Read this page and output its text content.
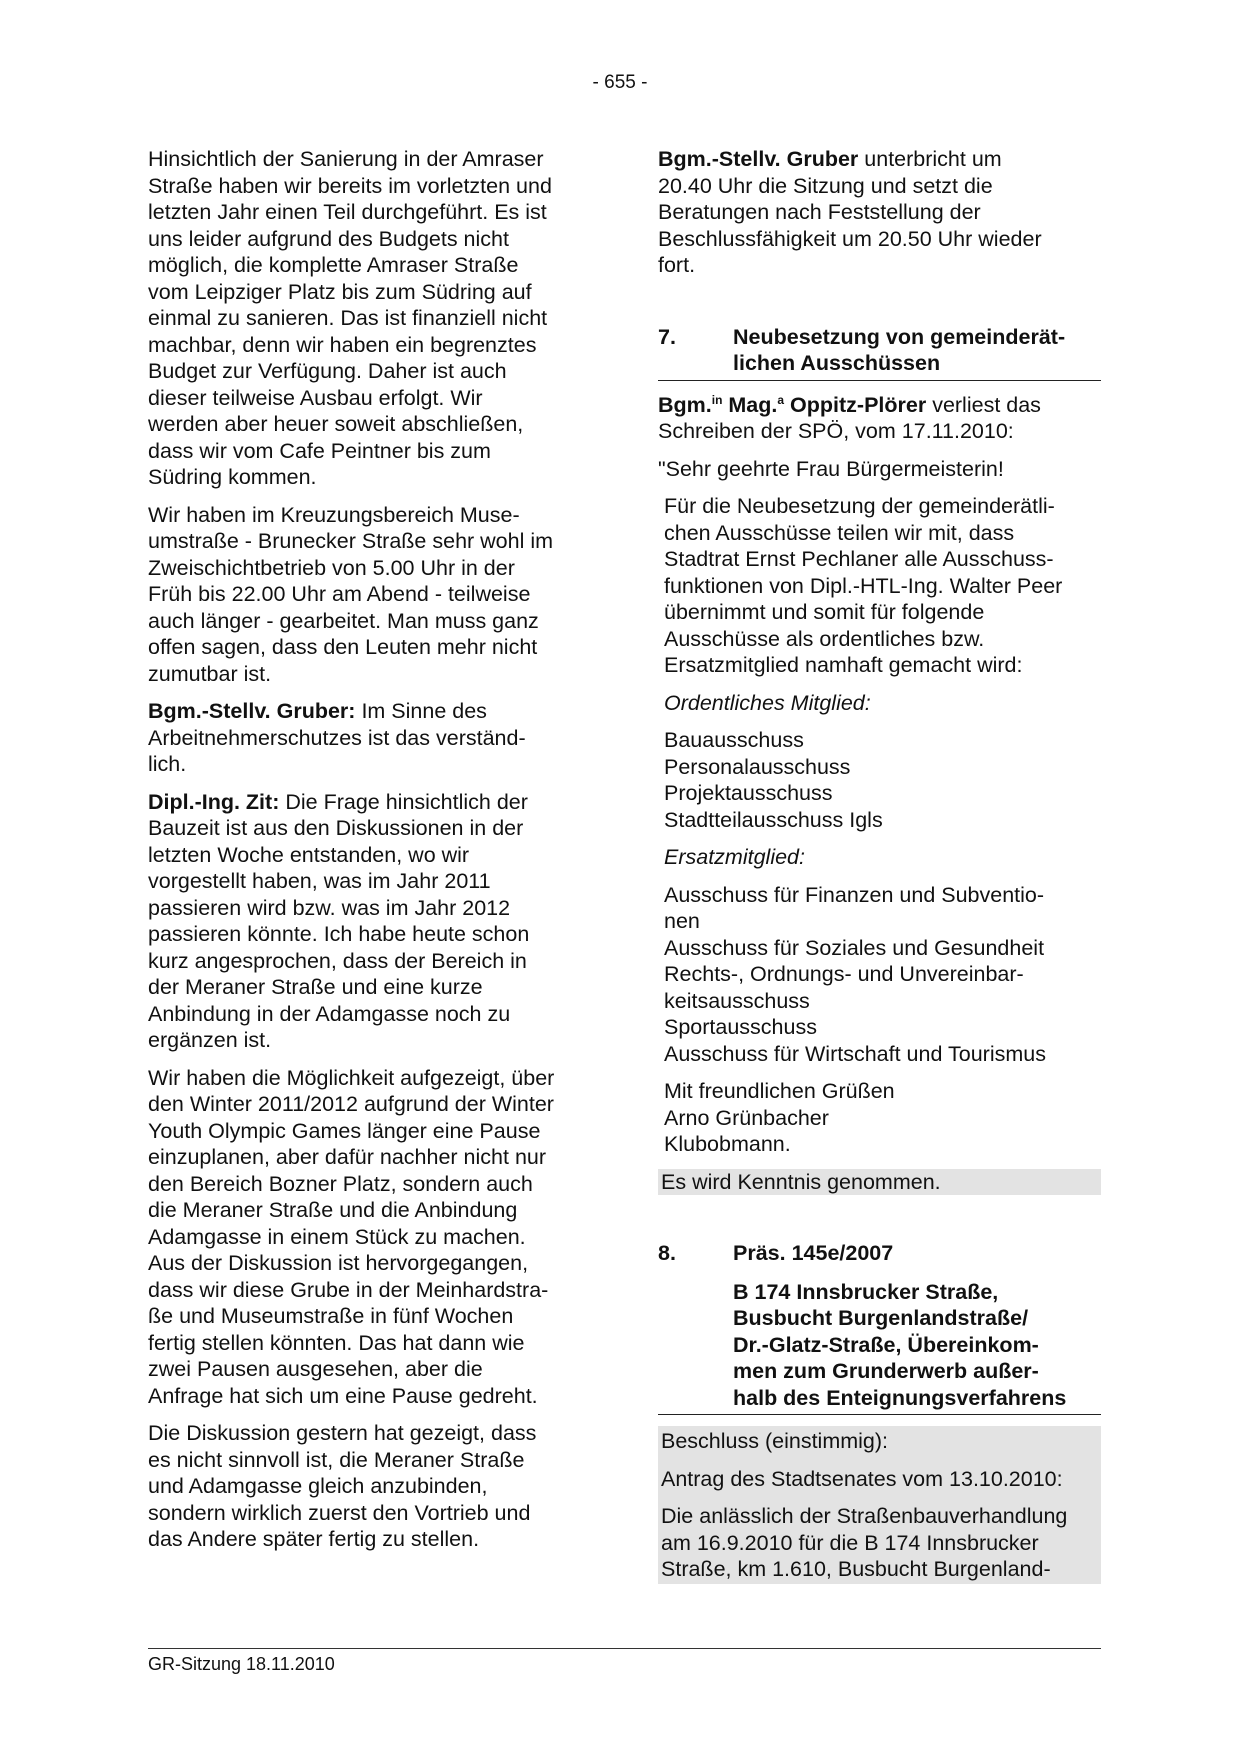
- 655 -

Hinsichtlich der Sanierung in der Amraser
Straße haben wir bereits im vorletzten und
letzten Jahr einen Teil durchgeführt. Es ist
uns leider aufgrund des Budgets nicht
möglich, die komplette Amraser Straße
vom Leipziger Platz bis zum Südring auf
einmal zu sanieren. Das ist finanziell nicht
machbar, denn wir haben ein begrenztes
Budget zur Verfügung. Daher ist auch
dieser teilweise Ausbau erfolgt. Wir
werden aber heuer soweit abschließen,
dass wir vom Cafe Peintner bis zum
Südring kommen.

Wir haben im Kreuzungsbereich Muse-
umstraße - Brunecker Straße sehr wohl im
Zweischichtbetrieb von 5.00 Uhr in der
Früh bis 22.00 Uhr am Abend - teilweise
auch länger - gearbeitet. Man muss ganz
offen sagen, dass den Leuten mehr nicht
zumutbar ist.

Bgm.-Stellv. Gruber: Im Sinne des
Arbeitnehmerschutzes ist das verständ-
lich.

Dipl.-Ing. Zit: Die Frage hinsichtlich der
Bauzeit ist aus den Diskussionen in der
letzten Woche entstanden, wo wir
vorgestellt haben, was im Jahr 2011
passieren wird bzw. was im Jahr 2012
passieren könnte. Ich habe heute schon
kurz angesprochen, dass der Bereich in
der Meraner Straße und eine kurze
Anbindung in der Adamgasse noch zu
ergänzen ist.

Wir haben die Möglichkeit aufgezeigt, über
den Winter 2011/2012 aufgrund der Winter
Youth Olympic Games länger eine Pause
einzuplanen, aber dafür nachher nicht nur
den Bereich Bozner Platz, sondern auch
die Meraner Straße und die Anbindung
Adamgasse in einem Stück zu machen.
Aus der Diskussion ist hervorgegangen,
dass wir diese Grube in der Meinhardstra-
ße und Museumstraße in fünf Wochen
fertig stellen könnten. Das hat dann wie
zwei Pausen ausgesehen, aber die
Anfrage hat sich um eine Pause gedreht.

Die Diskussion gestern hat gezeigt, dass
es nicht sinnvoll ist, die Meraner Straße
und Adamgasse gleich anzubinden,
sondern wirklich zuerst den Vortrieb und
das Andere später fertig zu stellen.

Bgm.-Stellv. Gruber unterbricht um
20.40 Uhr die Sitzung und setzt die
Beratungen nach Feststellung der
Beschlussfähigkeit um 20.50 Uhr wieder
fort.

7.	Neubesetzung von gemeinderät-
lichen Ausschüssen

Bgm.$^{in}$ Mag.$^a$ Oppitz-Plörer verliest das
Schreiben der SPÖ, vom 17.11.2010:

"Sehr geehrte Frau Bürgermeisterin!

Für die Neubesetzung der gemeinderätli-
chen Ausschüsse teilen wir mit, dass
Stadtrat Ernst Pechlaner alle Ausschuss-
funktionen von Dipl.-HTL-Ing. Walter Peer
übernimmt und somit für folgende
Ausschüsse als ordentliches bzw.
Ersatzmitglied namhaft gemacht wird:

Ordentliches Mitglied:

Bauausschuss
Personalausschuss
Projektausschuss
Stadtteilausschuss Igls

Ersatzmitglied:

Ausschuss für Finanzen und Subventio-
nen
Ausschuss für Soziales und Gesundheit
Rechts-, Ordnungs- und Unvereinbar-
keitsausschuss
Sportausschuss
Ausschuss für Wirtschaft und Tourismus

Mit freundlichen Grüßen
Arno Grünbacher
Klubobmann.

Es wird Kenntnis genommen.

8.	Präs. 145e/2007
B 174 Innsbrucker Straße,
Busbucht Burgenlandstraße/
Dr.-Glatz-Straße, Übereinkom-
men zum Grunderwerb außer-
halb des Enteignungsverfahrens

Beschluss (einstimmig):

Antrag des Stadtsenates vom 13.10.2010:

Die anlässlich der Straßenbauverhandlung
am 16.9.2010 für die B 174 Innsbrucker
Straße, km 1.610, Busbucht Burgenland-

GR-Sitzung 18.11.2010
